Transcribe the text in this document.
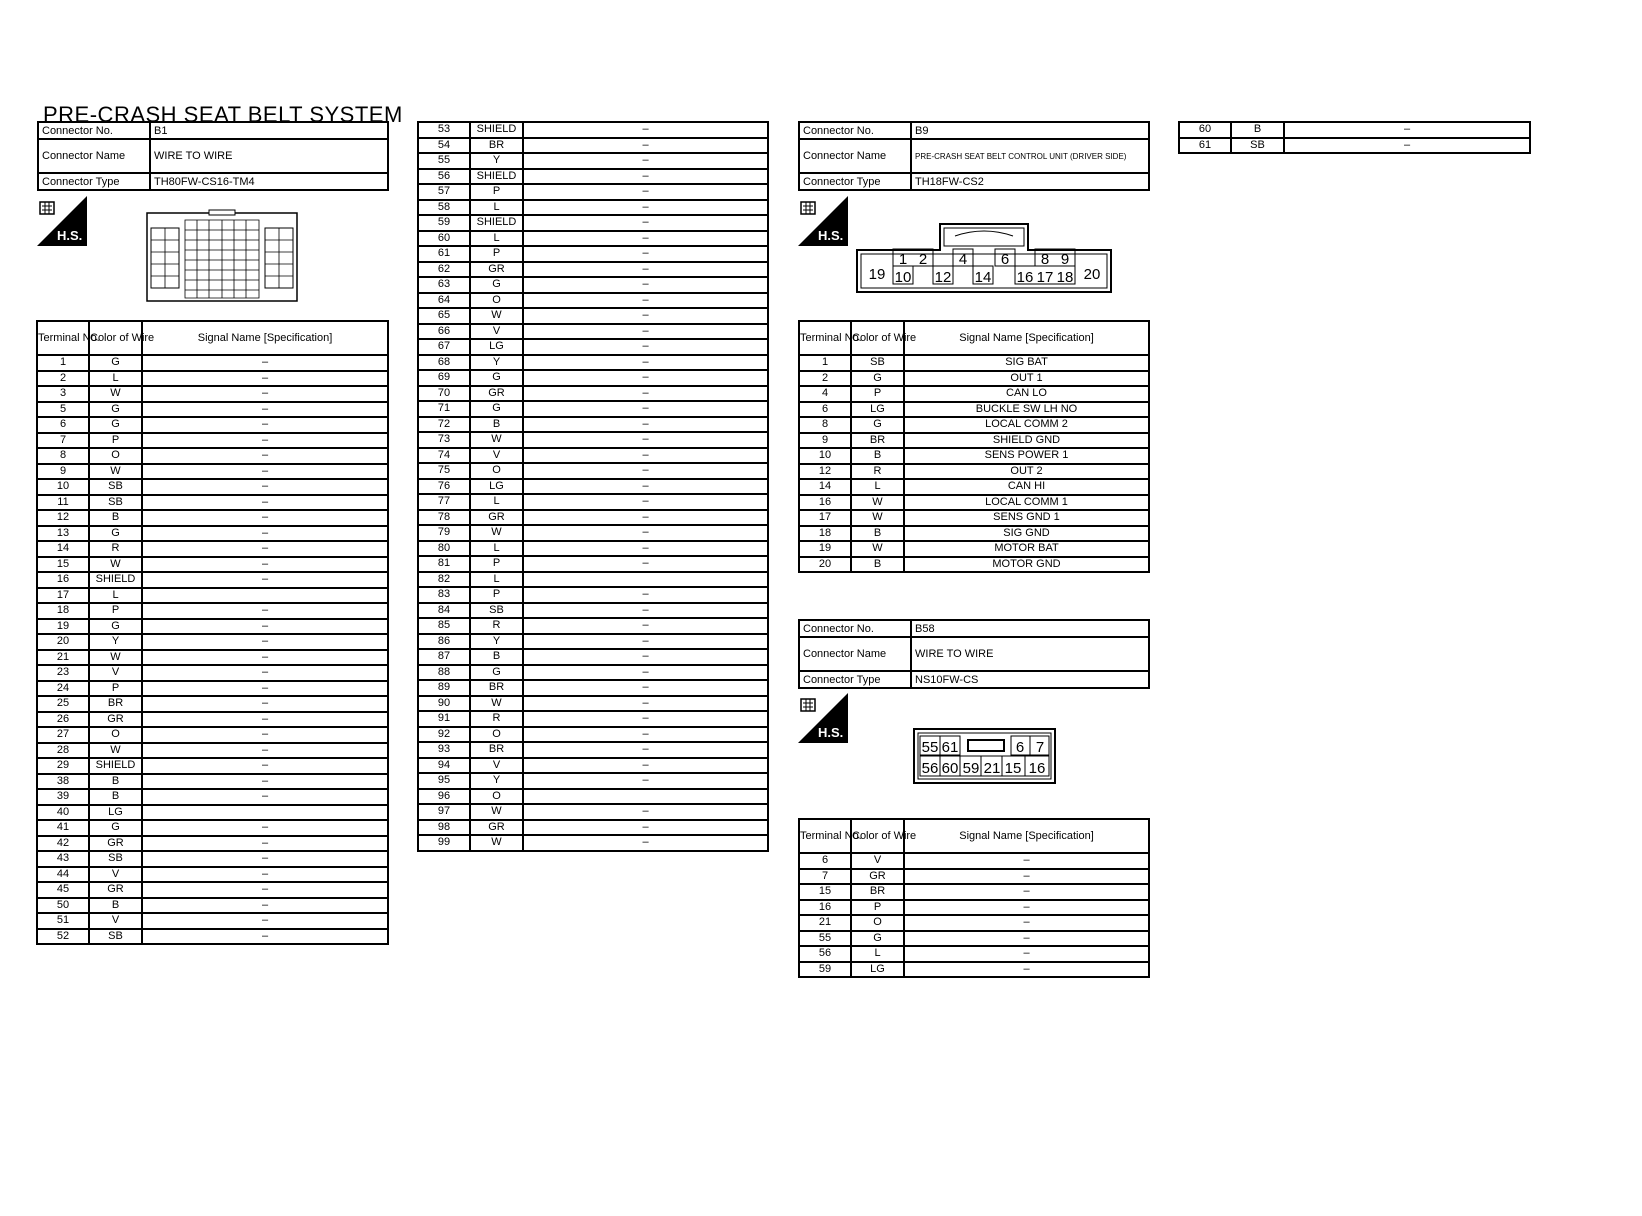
PRE-CRASH SEAT BELT SYSTEM
Connector No.	B1
Connector Name	WIRE TO WIRE
Connector Type	TH80FW-CS16-TM4
H.S.
Terminal No.	Color of Wire	Signal Name [Specification]
1	G	–
2	L	–
3	W	–
5	G	–
6	G	–
7	P	–
8	O	–
9	W	–
10	SB	–
11	SB	–
12	B	–
13	G	–
14	R	–
15	W	–
16	SHIELD	–
17	L	
18	P	–
19	G	–
20	Y	–
21	W	–
23	V	–
24	P	–
25	BR	–
26	GR	–
27	O	–
28	W	–
29	SHIELD	–
38	B	–
39	B	–
40	LG	
41	G	–
42	GR	–
43	SB	–
44	V	–
45	GR	–
50	B	–
51	V	–
52	SB	–
53	SHIELD	–
54	BR	–
55	Y	–
56	SHIELD	–
57	P	–
58	L	–
59	SHIELD	–
60	L	–
61	P	–
62	GR	–
63	G	–
64	O	–
65	W	–
66	V	–
67	LG	–
68	Y	–
69	G	–
70	GR	–
71	G	–
72	B	–
73	W	–
74	V	–
75	O	–
76	LG	–
77	L	–
78	GR	–
79	W	–
80	L	–
81	P	–
82	L	
83	P	–
84	SB	–
85	R	–
86	Y	–
87	B	–
88	G	–
89	BR	–
90	W	–
91	R	–
92	O	–
93	BR	–
94	V	–
95	Y	–
96	O	
97	W	–
98	GR	–
99	W	–
Connector No.	B9
Connector Name	PRE-CRASH SEAT BELT CONTROL UNIT (DRIVER SIDE)
Connector Type	TH18FW-CS2
H.S.
1 2 4 6 8 9
19 10 12 14 16 17 18 20
Terminal No.	Color of Wire	Signal Name [Specification]
1	SB	SIG BAT
2	G	OUT 1
4	P	CAN LO
6	LG	BUCKLE SW LH NO
8	G	LOCAL COMM 2
9	BR	SHIELD GND
10	B	SENS POWER 1
12	R	OUT 2
14	L	CAN HI
16	W	LOCAL COMM 1
17	W	SENS GND 1
18	B	SIG GND
19	W	MOTOR BAT
20	B	MOTOR GND
Connector No.	B58
Connector Name	WIRE TO WIRE
Connector Type	NS10FW-CS
H.S.
55 61	6 7
56 60 59 21 15 16
Terminal No.	Color of Wire	Signal Name [Specification]
6	V	–
7	GR	–
15	BR	–
16	P	–
21	O	–
55	G	–
56	L	–
59	LG	–
60	B	–
61	SB	–
